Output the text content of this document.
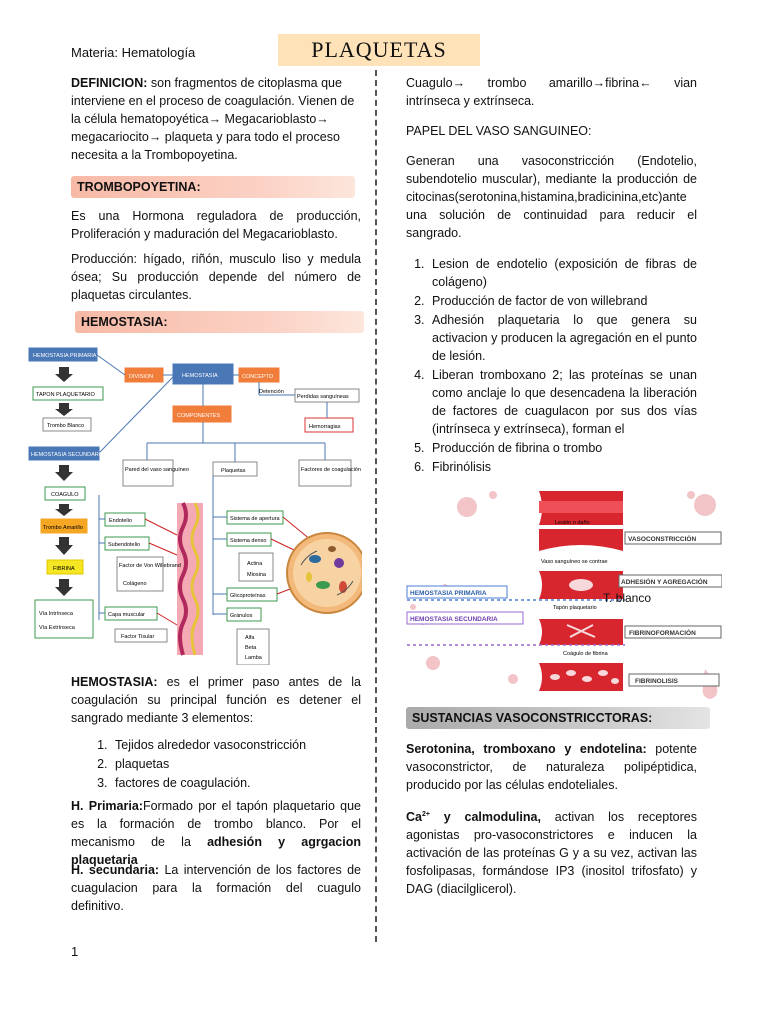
Materia: Hematología	PLAQUETAS

DEFINICION: son fragmentos de citoplasma que interviene en el proceso de coagulación. Vienen de la célula hematopoyética→ Megacarioblasto→ megacariocito→ plaqueta y para todo el proceso necesita a la Trombopoyetina.

TROMBOPOYETINA:

Es una Hormona reguladora de producción, Proliferación y maduración del Megacarioblasto.

Producción: hígado, riñón, musculo liso y medula ósea; Su producción depende del número de plaquetas circulantes.

HEMOSTASIA:
HEMOSTASIA PRIMARIA
TAPON PLAQUETARIO
Trombo Blanco
HEMOSTASIA SECUNDARIA
COAGULO
Trombo Amarillo
FIBRINA
Vía Intrínseca
Vía Extrínseca
DIVISION	HEMOSTASIA	CONCEPTO
Detención
Perdidas sanguíneas
Hemorragias
COMPONENTES
Pared del vaso sanguíneo	Plaquetas	Factores de coagulación
Endotelio
Subendotelio
Factor de Von Willebrand
Colágeno
Capa muscular
Factor Tisular
Sistema de apertura
Sistema denso
Actina
Miosina
Glicoproteínas
Gránulos
Alfa
Beta
Lamba

HEMOSTASIA: es el primer paso antes de la coagulación su principal función es detener el sangrado mediante 3 elementos:

1. Tejidos alrededor vasoconstricción
2. plaquetas
3. factores de coagulación.

H. Primaria:Formado por el tapón plaquetario que es la formación de trombo blanco. Por el mecanismo de la adhesión y agrgacion plaquetaria

H. secundaria: La intervención de los factores de cuagulacion para la formación del cuagulo definitivo.

1

Cuagulo→ trombo amarillo→fibrina← vian intrínseca y extrínseca.

PAPEL DEL VASO SANGUINEO:

Generan una vasoconstricción (Endotelio, subendotelio muscular), mediante la producción de citocinas(serotonina,histamina,bradicinina,etc)ante una solución de continuidad para reducir el sangrado.

1. Lesion de endotelio (exposición de fibras de colágeno)
2. Producción de factor de von willebrand
3. Adhesión plaquetaria lo que genera su activacion y producen la agregación en el punto de lesión.
4. Liberan tromboxano 2; las proteínas se unan como anclaje lo que desencadena la liberación de factores de cuagulacon por sus dos vías (intrínseca y extrínseca), forman el
5. Producción de fibrina o trombo
6. Fibrinólisis
Lesión o daño
Vaso sanguíneo se contrae
Tapón plaquetario
Coágulo de fibrina
VASOCONSTRICCIÓN
ADHESIÓN Y AGREGACIÓN
FIBRINOFORMACIÓN
FIBRINOLISIS
HEMOSTASIA PRIMARIA
HEMOSTASIA SECUNDARIA
T. blanco
SUSTANCIAS VASOCONSTRICCTORAS:

Serotonina, tromboxano y endotelina: potente vasoconstrictor, de naturaleza polipéptidica, producido por las células endoteliales.

$Ca^{2+}$ y calmodulina, activan los receptores agonistas pro-vasoconstrictores e inducen la activación de las proteínas G y a su vez, activan las fosfolipasas, formándose IP3 (inositol trifosfato) y DAG (diacilglicerol).
